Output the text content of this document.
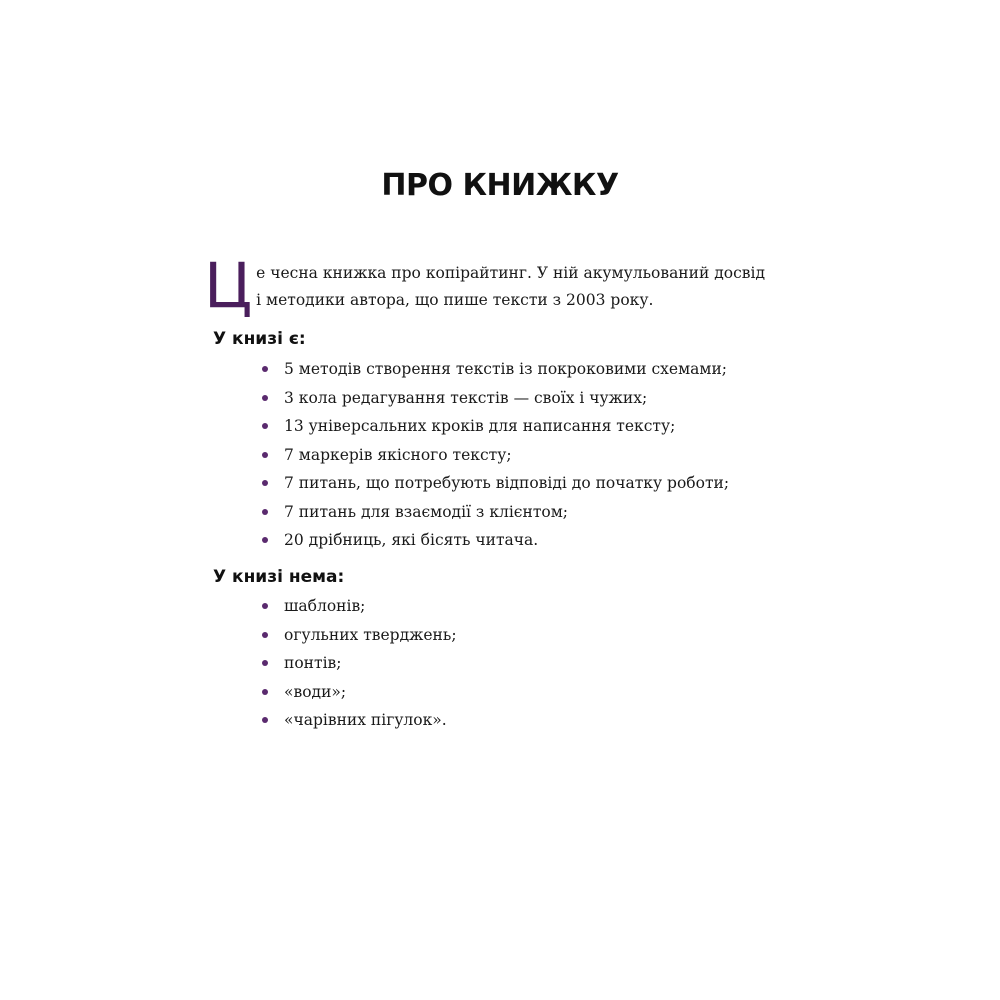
ПРО КНИЖКУ
Ц е чесна книжка про копірайтинг. У ній акумульований досвід
і методики автора, що пише тексти з 2003 року.

У книзі є:
5 методів створення текстів із покроковими схемами;
3 кола редагування текстів — своїх і чужих;
13 універсальних кроків для написання тексту;
7 маркерів якісного тексту;
7 питань, що потребують відповіді до початку роботи;
7 питань для взаємодії з клієнтом;
20 дрібниць, які бісять читача.
У книзі нема:
шаблонів;
огульних тверджень;
понтів;
«води»;
«чарівних пігулок».
